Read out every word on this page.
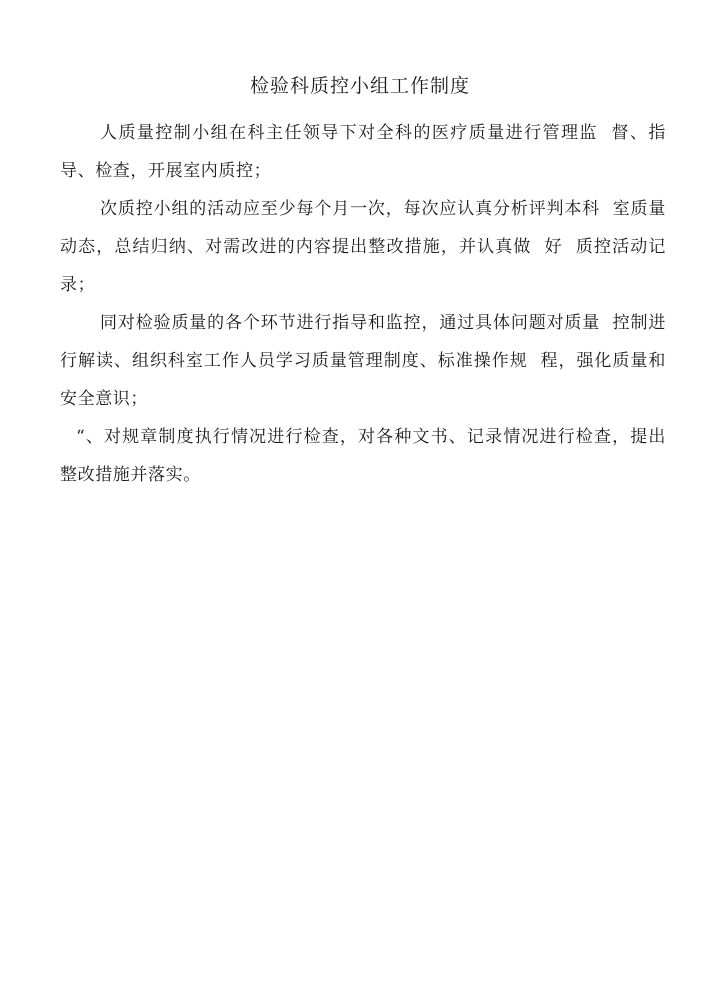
检验科质控小组工作制度

人质量控制小组在科主任领导下对全科的医疗质量进行管理监  督、指导、检查，开展室内质控；

次质控小组的活动应至少每个月一次，每次应认真分析评判本科  室质量动态，总结归纳、对需改进的内容提出整改措施，并认真做  好  质控活动记录；

同对检验质量的各个环节进行指导和监控，通过具体问题对质量  控制进行解读、组织科室工作人员学习质量管理制度、标准操作规  程，强化质量和安全意识；

“、对规章制度执行情况进行检查，对各种文书、记录情况进行检查，提出整改措施并落实。
